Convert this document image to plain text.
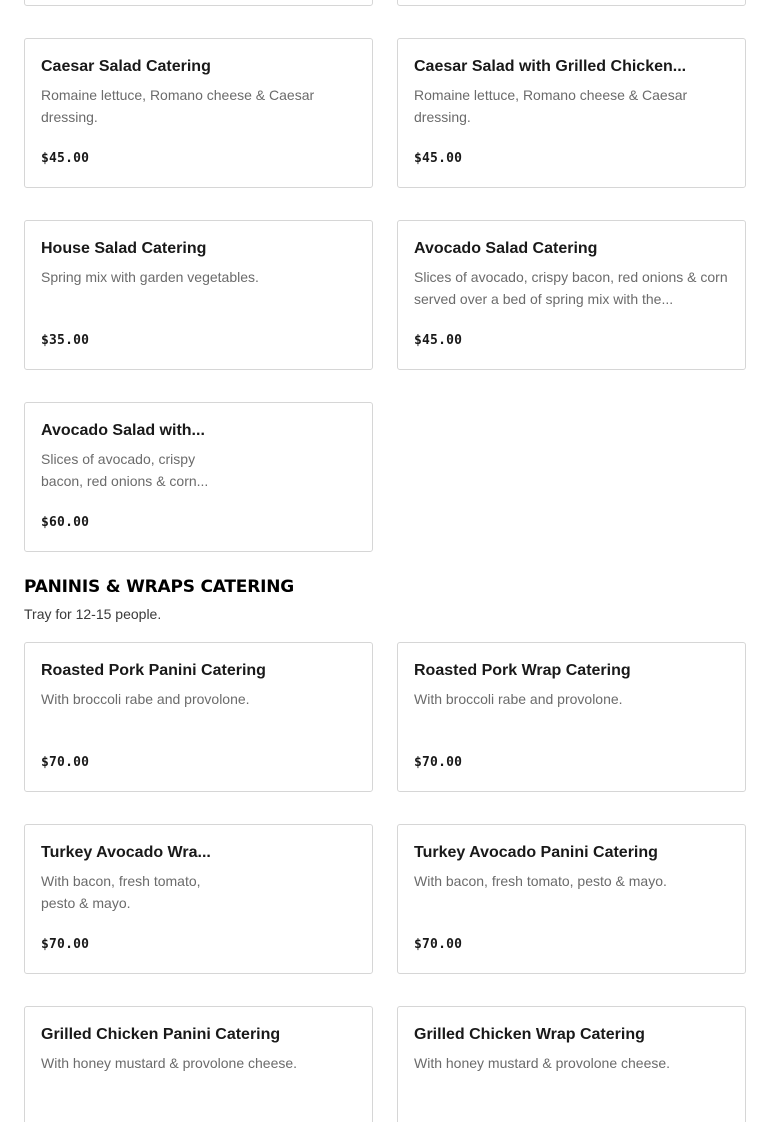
Caesar Salad Catering
Romaine lettuce, Romano cheese & Caesar dressing.
$45.00
Caesar Salad with Grilled Chicken...
Romaine lettuce, Romano cheese & Caesar dressing.
$45.00
House Salad Catering
Spring mix with garden vegetables.
$35.00
Avocado Salad Catering
Slices of avocado, crispy bacon, red onions & corn served over a bed of spring mix with the...
$45.00
Avocado Salad with...
Slices of avocado, crispy bacon, red onions & corn...
$60.00
PANINIS & WRAPS CATERING
Tray for 12-15 people.
Roasted Pork Panini Catering
With broccoli rabe and provolone.
$70.00
Roasted Pork Wrap Catering
With broccoli rabe and provolone.
$70.00
Turkey Avocado Wra...
With bacon, fresh tomato, pesto & mayo.
$70.00
Turkey Avocado Panini Catering
With bacon, fresh tomato, pesto & mayo.
$70.00
Grilled Chicken Panini Catering
With honey mustard & provolone cheese.
Grilled Chicken Wrap Catering
With honey mustard & provolone cheese.
